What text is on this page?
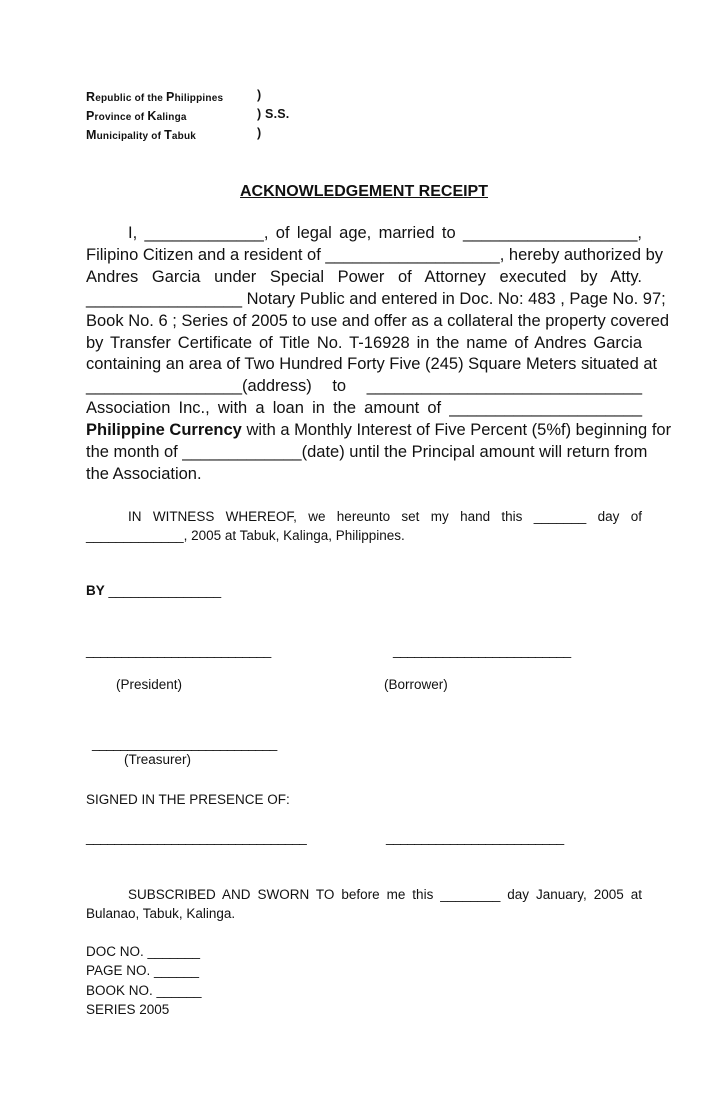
Republic of the Philippines	)
Province of Kalinga	) S.S.
Municipality of Tabuk	)
ACKNOWLEDGEMENT RECEIPT
I, _____________, of legal age, married to ___________________,
Filipino Citizen and a resident of ___________________, hereby authorized by
Andres Garcia under Special Power of Attorney executed by Atty.
_________________ Notary Public and entered in Doc. No: 483 , Page No. 97;
Book No. 6 ; Series of 2005 to use and offer as a collateral the property covered
by Transfer Certificate of Title No. T-16928 in the name of Andres Garcia
containing an area of Two Hundred Forty Five (245) Square Meters situated at
_________________(address) to ______________________________
Association Inc., with a loan in the amount of _____________________
Philippine Currency with a Monthly Interest of Five Percent (5%f) beginning for
the month of _____________(date) until the Principal amount will return from
the Association.
IN WITNESS WHEREOF, we hereunto set my hand this _______ day of
_____________, 2005 at Tabuk, Kalinga, Philippines.
BY _______________
__________________________	_________________________
(President)	(Borrower)
__________________________
(Treasurer)
SIGNED IN THE PRESENCE OF:
_______________________________	_________________________
SUBSCRIBED AND SWORN TO before me this ________ day January, 2005 at
Bulanao, Tabuk, Kalinga.
DOC NO. _______
PAGE NO. ______
BOOK NO. ______
SERIES 2005
